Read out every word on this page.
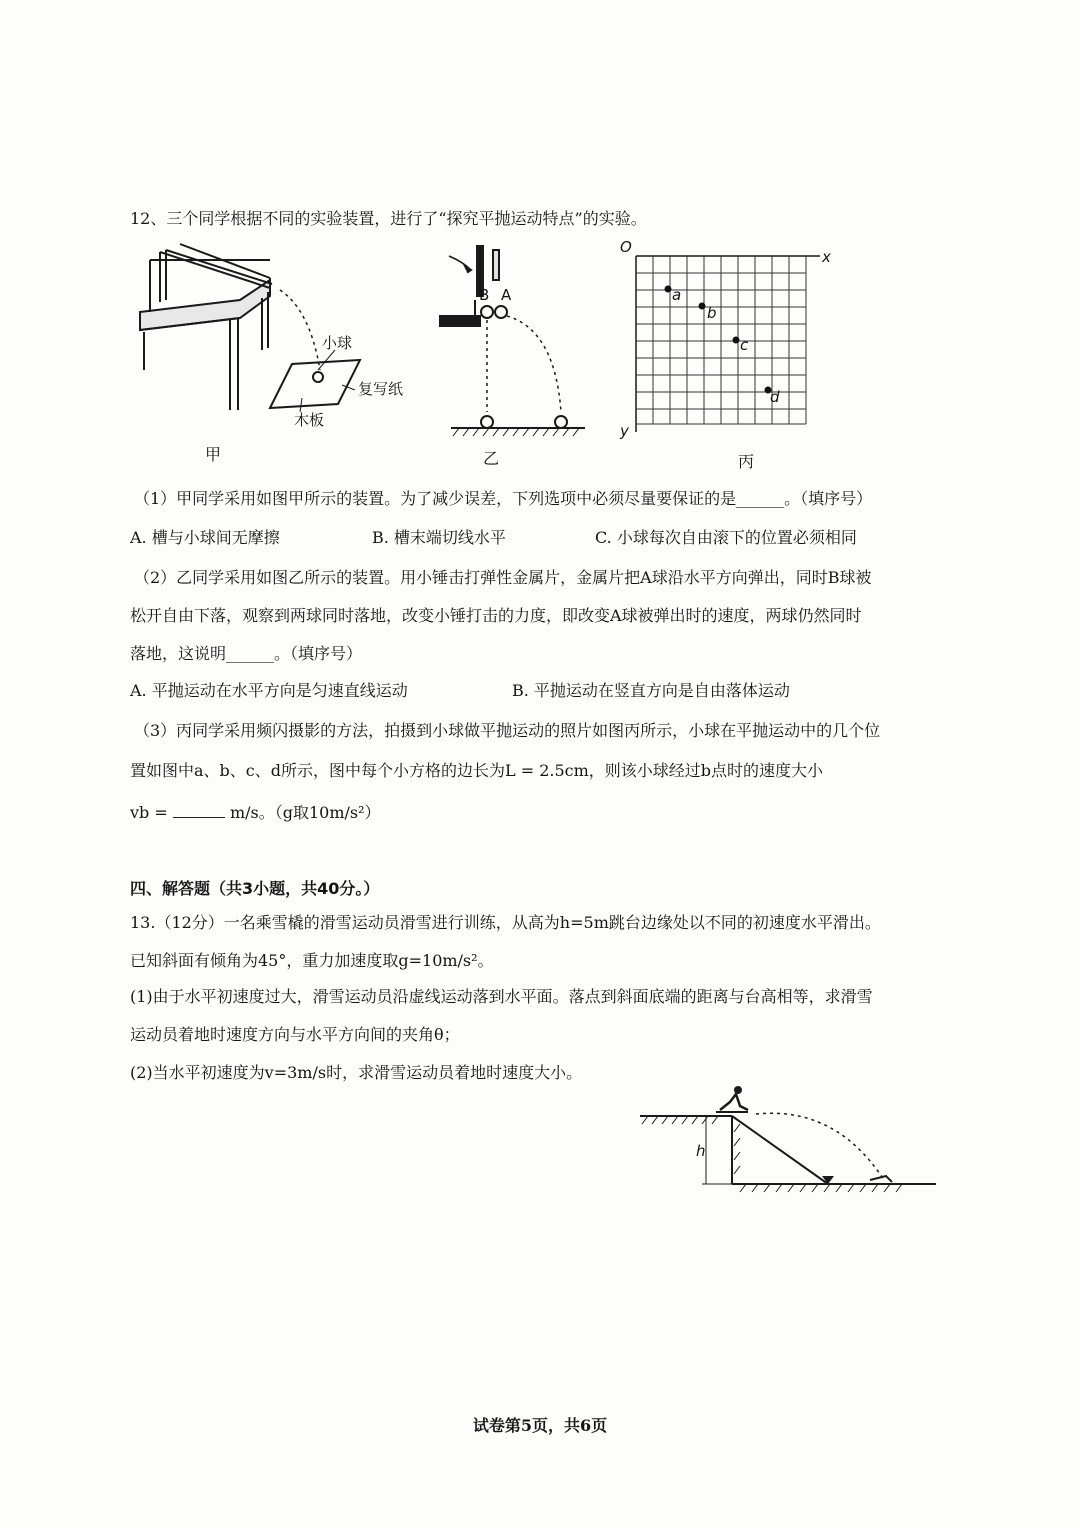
12、三个同学根据不同的实验装置，进行了“探究平抛运动特点”的实验。
小球
复写纸
木板
甲
B A
乙
O
x
y
a
b
c
d
丙
（1）甲同学采用如图甲所示的装置。为了减少误差，下列选项中必须尽量要保证的是______。（填序号）
A. 槽与小球间无摩擦	B. 槽末端切线水平	C. 小球每次自由滚下的位置必须相同
（2）乙同学采用如图乙所示的装置。用小锤击打弹性金属片，金属片把A球沿水平方向弹出，同时B球被
松开自由下落，观察到两球同时落地，改变小锤打击的力度，即改变A球被弹出时的速度，两球仍然同时
落地，这说明______。（填序号）
A. 平抛运动在水平方向是匀速直线运动	B. 平抛运动在竖直方向是自由落体运动
（3）丙同学采用频闪摄影的方法，拍摄到小球做平抛运动的照片如图丙所示，小球在平抛运动中的几个位
置如图中a、b、c、d所示，图中每个小方格的边长为L = 2.5cm，则该小球经过b点时的速度大小
vb =	m/s。（g取10m/s²）
四、解答题（共3小题，共40分。）
13.（12分）一名乘雪橇的滑雪运动员滑雪进行训练，从高为h=5m跳台边缘处以不同的初速度水平滑出。
已知斜面有倾角为45°，重力加速度取g=10m/s²。
(1)由于水平初速度过大，滑雪运动员沿虚线运动落到水平面。落点到斜面底端的距离与台高相等，求滑雪
运动员着地时速度方向与水平方向间的夹角θ；
(2)当水平初速度为v=3m/s时，求滑雪运动员着地时速度大小。
h
试卷第5页，共6页
